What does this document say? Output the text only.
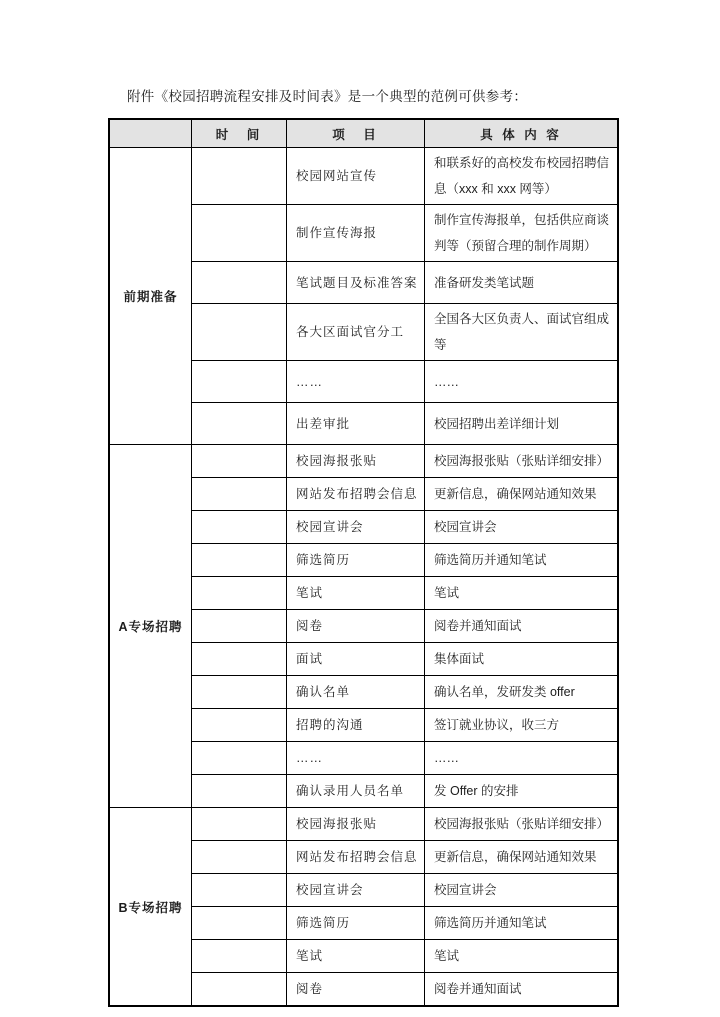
附件《校园招聘流程安排及时间表》是一个典型的范例可供参考：

	时　间	项　目	具 体 内 容
前期准备		校园网站宣传	和联系好的高校发布校园招聘信息（xxx 和 xxx 网等）
		制作宣传海报	制作宣传海报单，包括供应商谈判等（预留合理的制作周期）
		笔试题目及标准答案	准备研发类笔试题
		各大区面试官分工	全国各大区负责人、面试官组成等
		……	……
		出差审批	校园招聘出差详细计划
A专场招聘		校园海报张贴	校园海报张贴（张贴详细安排）
		网站发布招聘会信息	更新信息，确保网站通知效果
		校园宣讲会	校园宣讲会
		筛选简历	筛选简历并通知笔试
		笔试	笔试
		阅卷	阅卷并通知面试
		面试	集体面试
		确认名单	确认名单，发研发类 offer
		招聘的沟通	签订就业协议，收三方
		……	……
		确认录用人员名单	发 Offer 的安排
B专场招聘		校园海报张贴	校园海报张贴（张贴详细安排）
		网站发布招聘会信息	更新信息，确保网站通知效果
		校园宣讲会	校园宣讲会
		筛选简历	筛选简历并通知笔试
		笔试	笔试
		阅卷	阅卷并通知面试
